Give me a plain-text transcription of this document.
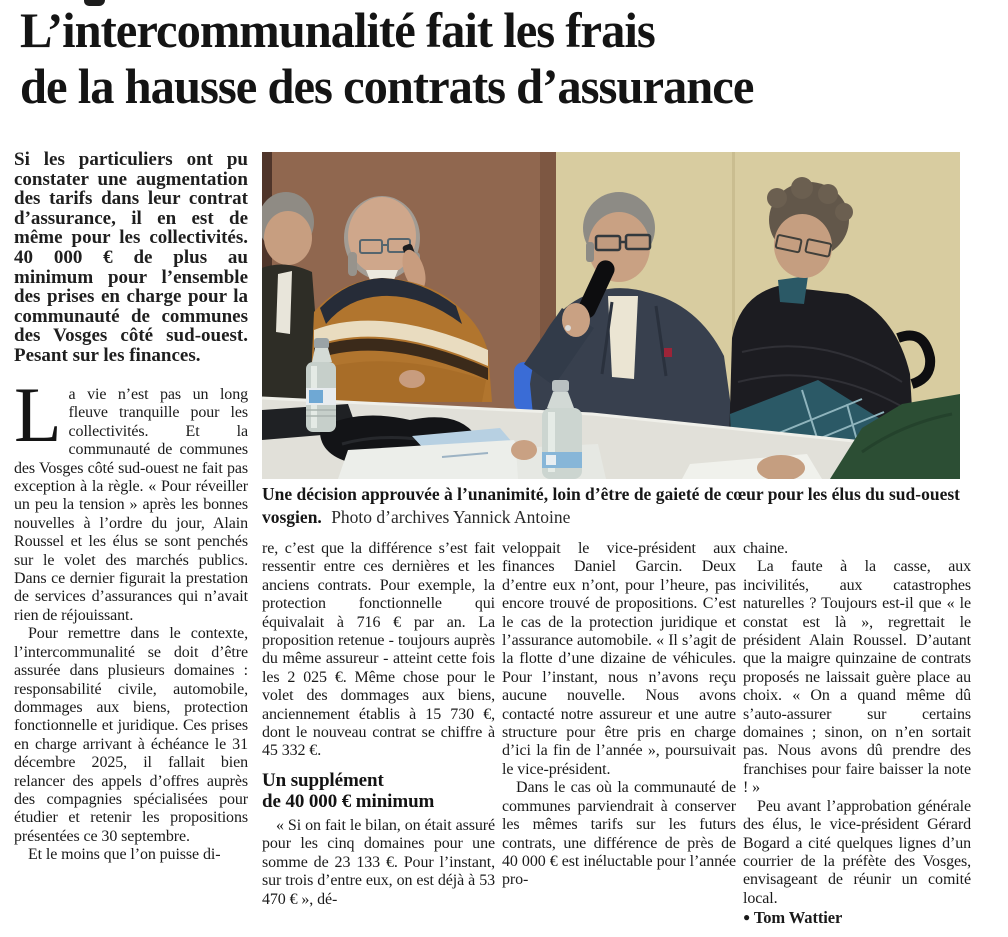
L’intercommunalité fait les frais
de la hausse des contrats d’assurance
Si les particuliers ont pu constater une augmentation des tarifs dans leur contrat d’assurance, il en est de même pour les collectivités. 40 000 € de plus au minimum pour l’ensemble des prises en charge pour la communauté de communes des Vosges côté sud-ouest. Pesant sur les finances.
Une décision approuvée à l’unanimité, loin d’être de gaieté de cœur pour les élus du sud-ouest vosgien. Photo d’archives Yannick Antoine

La vie n’est pas un long fleuve tranquille pour les collectivités. Et la communauté de communes des Vosges côté sud-ouest ne fait pas exception à la règle. « Pour réveiller un peu la tension » après les bonnes nouvelles à l’ordre du jour, Alain Roussel et les élus se sont penchés sur le volet des marchés publics. Dans ce dernier figurait la prestation de services d’assurances qui n’avait rien de réjouissant.

Pour remettre dans le contexte, l’intercommunalité se doit d’être assurée dans plusieurs domaines : responsabilité civile, automobile, dommages aux biens, protection fonctionnelle et juridique. Ces prises en charge arrivant à échéance le 31 décembre 2025, il fallait bien relancer des appels d’offres auprès des compagnies spécialisées pour étudier et retenir les propositions présentées ce 30 septembre.

Et le moins que l’on puisse di-

re, c’est que la différence s’est fait ressentir entre ces dernières et les anciens contrats. Pour exemple, la protection fonctionnelle qui équivalait à 716 € par an. La proposition retenue - toujours auprès du même assureur - atteint cette fois les 2 025 €. Même chose pour le volet des dommages aux biens, anciennement établis à 15 730 €, dont le nouveau contrat se chiffre à 45 332 €.

Un supplément
de 40 000 € minimum

« Si on fait le bilan, on était assuré pour les cinq domaines pour une somme de 23 133 €. Pour l’instant, sur trois d’entre eux, on est déjà à 53 470 € », dé-

veloppait le vice-président aux finances Daniel Garcin. Deux d’entre eux n’ont, pour l’heure, pas encore trouvé de propositions. C’est le cas de la protection juridique et l’assurance automobile. « Il s’agit de la flotte d’une dizaine de véhicules. Pour l’instant, nous n’avons reçu aucune nouvelle. Nous avons contacté notre assureur et une autre structure pour être pris en charge d’ici la fin de l’année », poursuivait le vice-président.

Dans le cas où la communauté de communes parviendrait à conserver les mêmes tarifs sur les futurs contrats, une différence de près de 40 000 € est inéluctable pour l’année pro-

chaine.

La faute à la casse, aux incivilités, aux catastrophes naturelles ? Toujours est-il que « le constat est là », regrettait le président Alain Roussel. D’autant que la maigre quinzaine de contrats proposés ne laissait guère place au choix. « On a quand même dû s’auto-assurer sur certains domaines ; sinon, on n’en sortait pas. Nous avons dû prendre des franchises pour faire baisser la note ! »

Peu avant l’approbation générale des élus, le vice-président Gérard Bogard a cité quelques lignes d’un courrier de la préfète des Vosges, envisageant de réunir un comité local.

● Tom Wattier
